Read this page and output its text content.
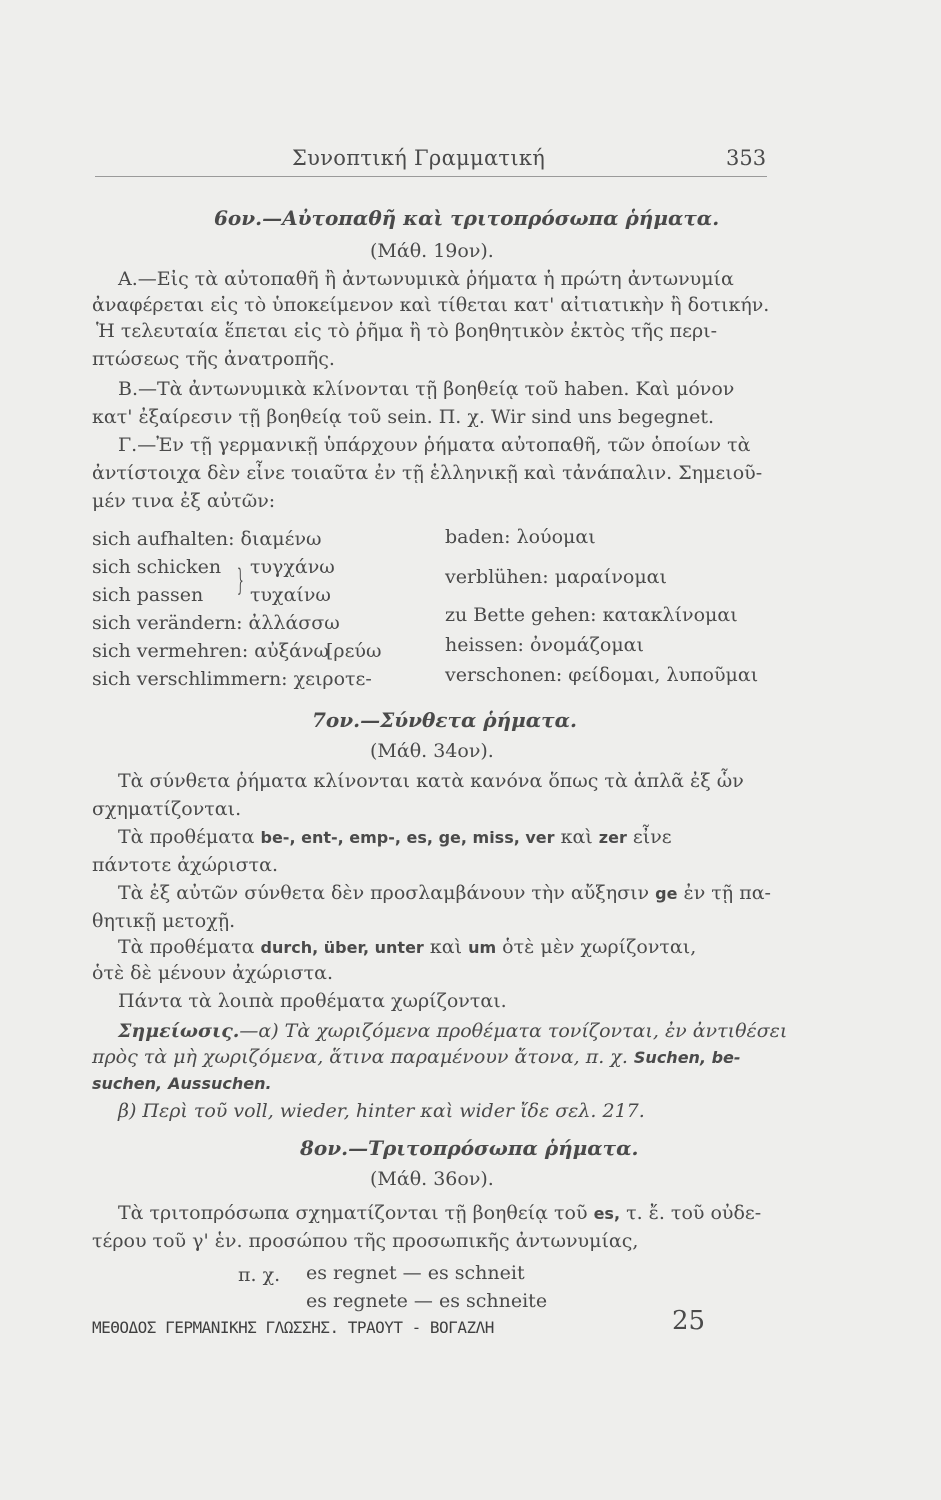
Συνοπτική Γραμματική	353
6ον.—Αὐτοπαθῆ καὶ τριτοπρόσωπα ῥήματα.
(Μάθ. 19ον).
Α.—Εἰς τὰ αὐτοπαθῆ ἢ ἀντωνυμικὰ ῥήματα ἡ πρώτη ἀντωνυμία
ἀναφέρεται εἰς τὸ ὑποκείμενον καὶ τίθεται κατ' αἰτιατικὴν ἢ δοτικήν.
Ἡ τελευταία ἕπεται εἰς τὸ ῥῆμα ἢ τὸ βοηθητικὸν ἐκτὸς τῆς περι-
πτώσεως τῆς ἀνατροπῆς.
Β.—Τὰ ἀντωνυμικὰ κλίνονται τῇ βοηθείᾳ τοῦ haben. Καὶ μόνον
κατ' ἐξαίρεσιν τῇ βοηθείᾳ τοῦ sein. Π. χ. Wir sind uns begegnet.
Γ.—Ἐν τῇ γερμανικῇ ὑπάρχουν ῥήματα αὐτοπαθῆ, τῶν ὁποίων τὰ
ἀντίστοιχα δὲν εἶνε τοιαῦτα ἐν τῇ ἑλληνικῇ καὶ τἀνάπαλιν. Σημειοῦ-
μέν τινα ἐξ αὐτῶν:
sich aufhalten: διαμένω
sich schicken
sich passen } τυγχάνω
τυχαίνω
sich verändern: ἀλλάσσω
sich vermehren: αὐξάνω
[ρεύω
sich verschlimmern: χειροτε-
baden: λούομαι
verblühen: μαραίνομαι
zu Bette gehen: κατακλίνομαι
heissen: ὀνομάζομαι
verschonen: φείδομαι, λυποῦμαι
7ον.—Σύνθετα ῥήματα.
(Μάθ. 34ον).
Τὰ σύνθετα ῥήματα κλίνονται κατὰ κανόνα ὅπως τὰ ἁπλᾶ ἐξ ὧν
σχηματίζονται.
Τὰ προθέματα be-, ent-, emp-, es, ge, miss, ver καὶ zer εἶνε
πάντοτε ἀχώριστα.
Τὰ ἐξ αὐτῶν σύνθετα δὲν προσλαμβάνουν τὴν αὔξησιν ge ἐν τῇ πα-
θητικῇ μετοχῇ.
Τὰ προθέματα durch, über, unter καὶ um ὁτὲ μὲν χωρίζονται,
ὁτὲ δὲ μένουν ἀχώριστα.
Πάντα τὰ λοιπὰ προθέματα χωρίζονται.
Σημείωσις.—α) Τὰ χωριζόμενα προθέματα τονίζονται, ἐν ἀντιθέσει
πρὸς τὰ μὴ χωριζόμενα, ἅτινα παραμένουν ἄτονα, π. χ. Suchen, be-
suchen, Aussuchen.
β) Περὶ τοῦ voll, wieder, hinter καὶ wider ἴδε σελ. 217.
8ον.—Τριτοπρόσωπα ῥήματα.
(Μάθ. 36ον).
Τὰ τριτοπρόσωπα σχηματίζονται τῇ βοηθείᾳ τοῦ es, τ. ἔ. τοῦ οὐδε-
τέρου τοῦ γ' ἑν. προσώπου τῆς προσωπικῆς ἀντωνυμίας,
π. χ. es regnet — es schneit
es regnete — es schneite
ΜΕΘΟΔΟΣ ΓΕΡΜΑΝΙΚΗΣ ΓΛΩΣΣΗΣ. ΤΡΑΟΥΤ - ΒΟΓΑΖΛΗ	25
